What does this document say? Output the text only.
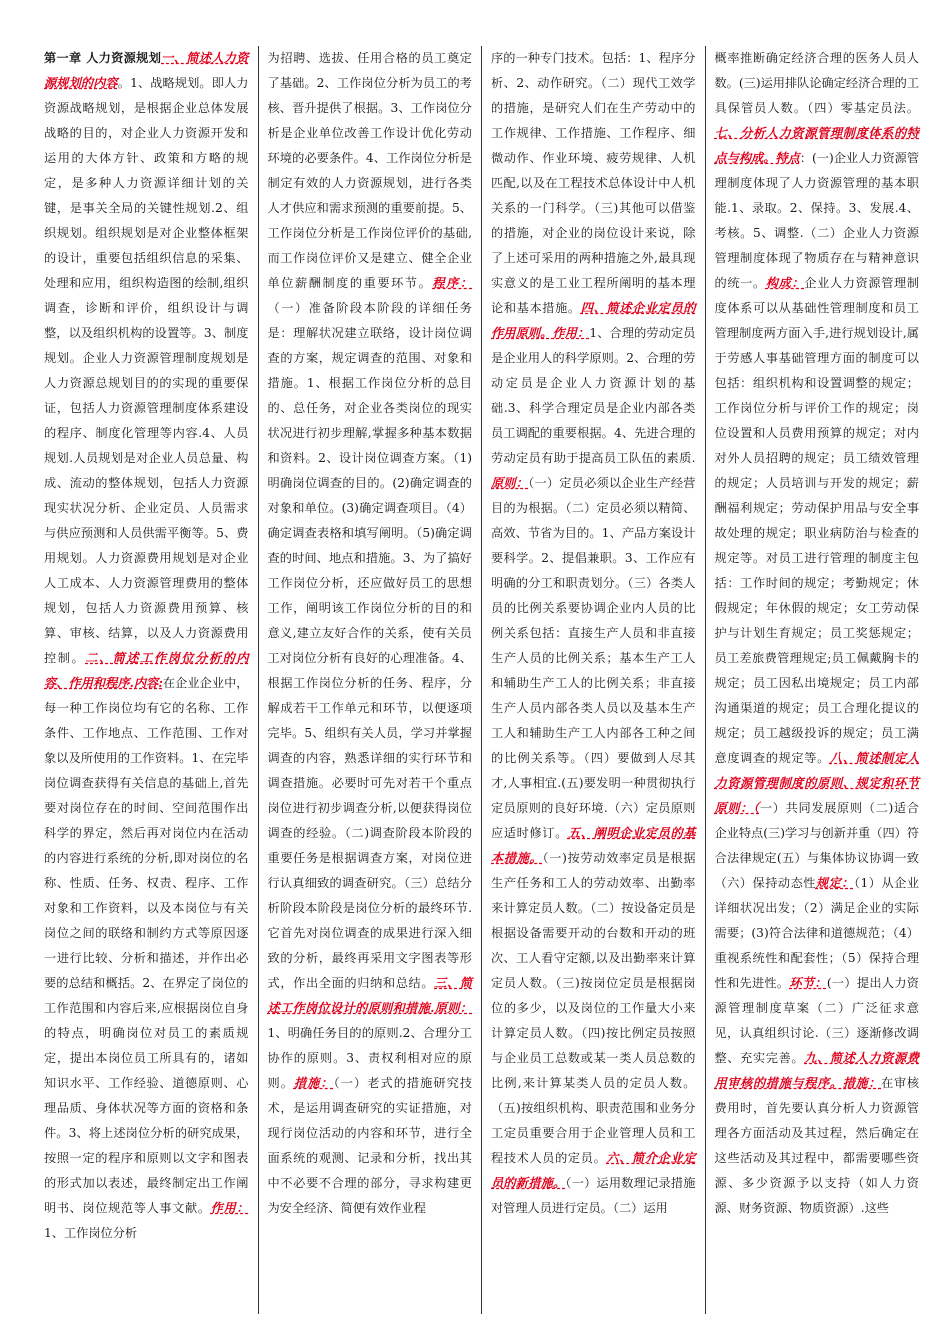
第一章 人力资源规划一、简述人力资源规划的内容。1、战略规划。即人力资源战略规划，是根据企业总体发展战略的目的，对企业人力资源开发和运用的大体方针、政策和方略的规定，是多种人力资源详细计划的关键，是事关全局的关键性规划.2、组织规划。组织规划是对企业整体框架的设计，重要包括组织信息的采集、处理和应用，组织构造图的绘制,组织调查，诊断和评价，组织设计与调整，以及组织机构的设置等。3、制度规划。企业人力资源管理制度规划是人力资源总规划目的的实现的重要保证，包括人力资源管理制度体系建设的程序、制度化管理等内容.4、人员规划.人员规划是对企业人员总量、构成、流动的整体规划，包括人力资源现实状况分析、企业定员、人员需求与供应预测和人员供需平衡等。5、费用规划。人力资源费用规划是对企业人工成本、人力资源管理费用的整体规划，包括人力资源费用预算、核算、审核、结算，以及人力资源费用控制。二、简述工作岗位分析的内容、作用和程序.内容:在企业企业中，每一种工作岗位均有它的名称、工作条件、工作地点、工作范围、工作对象以及所使用的工作资料。1、在完毕岗位调查获得有关信息的基础上,首先要对岗位存在的时间、空间范围作出科学的界定，然后再对岗位内在活动的内容进行系统的分析,即对岗位的名称、性质、任务、权责、程序、工作对象和工作资料，以及本岗位与有关岗位之间的联络和制约方式等原因逐一进行比较、分析和描述，并作出必要的总结和概括。2、在界定了岗位的工作范围和内容后来,应根据岗位自身的特点，明确岗位对员工的素质规定，提出本岗位员工所具有的，诸如知识水平、工作经验、道德原则、心理品质、身体状况等方面的资格和条件。3、将上述岗位分析的研究成果，按照一定的程序和原则以文字和图表的形式加以表述，最终制定出工作阐明书、岗位规范等人事文献。作用：1、工作岗位分析
为招聘、选拔、任用合格的员工奠定了基础。2、工作岗位分析为员工的考核、晋升提供了根据。3、工作岗位分析是企业单位改善工作设计优化劳动环境的必要条件。4、工作岗位分析是制定有效的人力资源规划，进行各类人才供应和需求预测的重要前提。5、工作岗位分析是工作岗位评价的基础,而工作岗位评价又是建立、健全企业单位薪酬制度的重要环节。程序：（一）准备阶段本阶段的详细任务是：理解状况建立联络，设计岗位调查的方案，规定调查的范围、对象和措施。1、根据工作岗位分析的总目的、总任务，对企业各类岗位的现实状况进行初步理解,掌握多种基本数据和资料。2、设计岗位调查方案。（1)明确岗位调查的目的。(2)确定调查的对象和单位。(3)确定调查项目。（4）确定调查表格和填写阐明。（5)确定调查的时间、地点和措施。3、为了搞好工作岗位分析，还应做好员工的思想工作，阐明该工作岗位分析的目的和意义,建立友好合作的关系，使有关员工对岗位分析有良好的心理准备。4、根据工作岗位分析的任务、程序，分解成若干工作单元和环节，以便逐项完毕。5、组织有关人员，学习并掌握调查的内容，熟悉详细的实行环节和调查措施。必要时可先对若干个重点岗位进行初步调查分析,以便获得岗位调查的经验。（二)调查阶段本阶段的重要任务是根据调查方案，对岗位进行认真细致的调查研究。（三）总结分析阶段本阶段是岗位分析的最终环节.它首先对岗位调查的成果进行深入细致的分析，最终再采用文字图表等形式，作出全面的归纳和总结。三、简述工作岗位设计的原则和措施.原则：1、明确任务目的的原则.2、合理分工协作的原则。3、责权利相对应的原则。措施：（一）老式的措施研究技术，是运用调查研究的实证措施，对现行岗位活动的内容和环节，进行全面系统的观测、记录和分析，找出其中不必要不合理的部分，寻求构建更为安全经济、简便有效作业程
序的一种专门技术。包括：1、程序分析、2、动作研究。（二）现代工效学的措施，是研究人们在生产劳动中的工作规律、工作措施、工作程序、细微动作、作业环境、疲劳规律、人机匹配,以及在工程技术总体设计中人机关系的一门科学。（三)其他可以借鉴的措施，对企业的岗位设计来说，除了上述可采用的两种措施之外,最具现实意义的是工业工程所阐明的基本理论和基本措施。四、简述企业定员的作用原则。作用：1、合理的劳动定员是企业用人的科学原则。2、合理的劳动定员是企业人力资源计划的基础.3、科学合理定员是企业内部各类员工调配的重要根据。4、先进合理的劳动定员有助于提高员工队伍的素质.原则：（一）定员必须以企业生产经营目的为根据。（二）定员必须以精简、高效、节省为目的。1、产品方案设计要科学。2、提倡兼职。3、工作应有明确的分工和职责划分。（三）各类人员的比例关系要协调企业内人员的比例关系包括：直接生产人员和非直接生产人员的比例关系；基本生产工人和辅助生产工人的比例关系；非直接生产人员内部各类人员以及基本生产工人和辅助生产工人内部各工种之间的比例关系等。（四）要做到人尽其才,人事相宜.(五)要发明一种贯彻执行定员原则的良好环境.（六）定员原则应适时修订。五、阐明企业定员的基本措施。（一)按劳动效率定员是根据生产任务和工人的劳动效率、出勤率来计算定员人数。（二）按设备定员是根据设备需要开动的台数和开动的班次、工人看守定额,以及出勤率来计算定员人数。（三)按岗位定员是根据岗位的多少，以及岗位的工作量大小来计算定员人数。（四)按比例定员按照与企业员工总数或某一类人员总数的比例,来计算某类人员的定员人数。（五)按组织机构、职责范围和业务分工定员重要合用于企业管理人员和工程技术人员的定员。六、简介企业定员的新措施。（一）运用数理记录措施对管理人员进行定员。（二）运用
概率推断确定经济合理的医务人员人数。(三)运用排队论确定经济合理的工具保管员人数。（四）零基定员法。七、分析人力资源管理制度体系的特点与构成。特点：(一)企业人力资源管理制度体现了人力资源管理的基本职能.1、录取。2、保持。3、发展.4、考核。5、调整.（二）企业人力资源管理制度体现了物质存在与精神意识的统一。构成：企业人力资源管理制度体系可以从基础性管理制度和员工管理制度两方面入手,进行规划设计,属于劳感人事基础管理方面的制度可以包括：组织机构和设置调整的规定；工作岗位分析与评价工作的规定；岗位设置和人员费用预算的规定；对内对外人员招聘的规定；员工绩效管理的规定；人员培训与开发的规定；薪酬福利规定；劳动保护用品与安全事故处理的规定；职业病防治与检查的规定等。对员工进行管理的制度主包括：工作时间的规定；考勤规定；休假规定；年休假的规定；女工劳动保护与计划生育规定；员工奖惩规定；员工差旅费管理规定;员工佩戴胸卡的规定；员工因私出境规定；员工内部沟通渠道的规定；员工合理化提议的规定；员工越级投诉的规定；员工满意度调查的规定等。八、简述制定人力资源管理制度的原则、规定和环节原则：（一）共同发展原则（二)适合企业特点(三)学习与创新并重（四）符合法律规定(五）与集体协议协调一致（六）保持动态性规定：（1）从企业详细状况出发；（2）满足企业的实际需要；(3)符合法律和道德规范；（4）重视系统性和配套性；（5）保持合理性和先进性。环节：(一）提出人力资源管理制度草案（二）广泛征求意见，认真组织讨论.（三）逐渐修改调整、充实完善。九、简述人力资源费用审核的措施与程序。措施：在审核费用时，首先要认真分析人力资源管理各方面活动及其过程，然后确定在这些活动及其过程中，都需要哪些资源、多少资源予以支持（如人力资源、财务资源、物质资源）.这些
